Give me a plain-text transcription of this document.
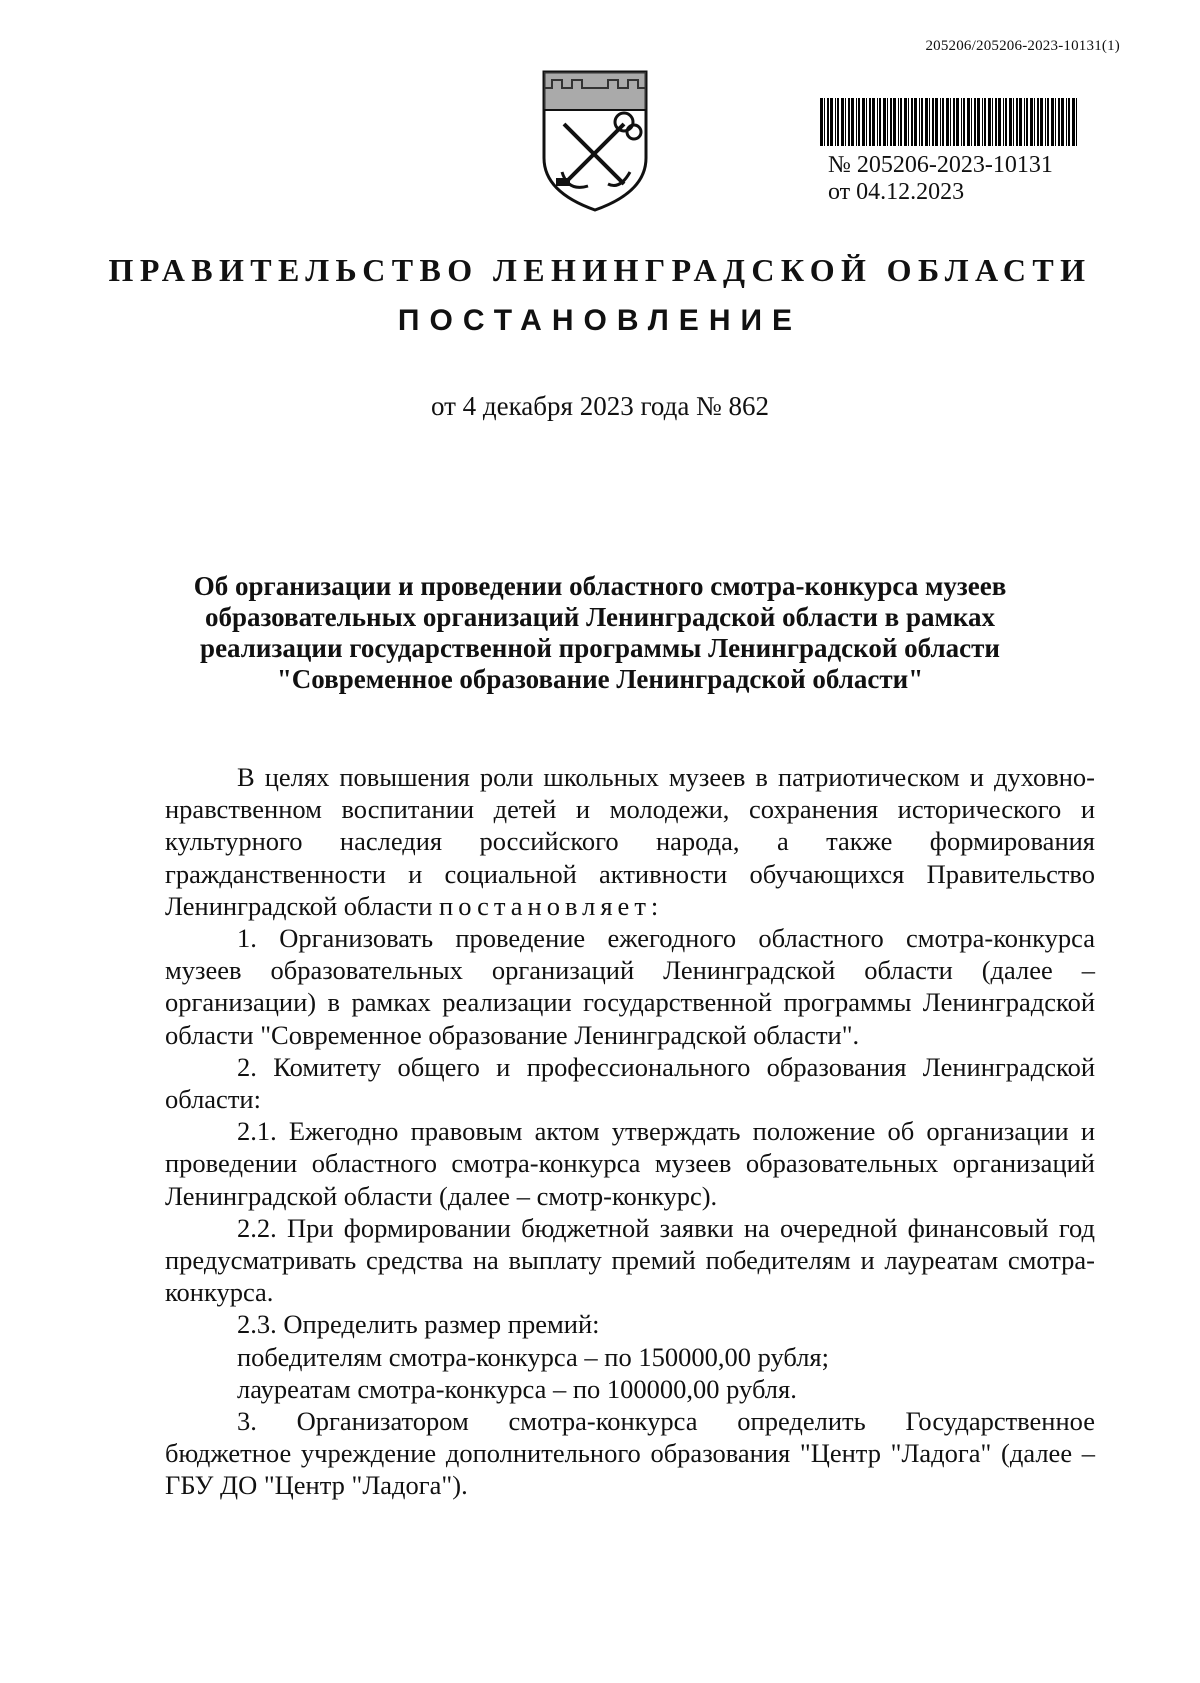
205206/205206-2023-10131(1)
№ 205206-2023-10131
от 04.12.2023
ПРАВИТЕЛЬСТВО ЛЕНИНГРАДСКОЙ ОБЛАСТИ
ПОСТАНОВЛЕНИЕ
от 4 декабря 2023 года № 862
Об организации и проведении областного смотра-конкурса музеев образовательных организаций Ленинградской области в рамках реализации государственной программы Ленинградской области "Современное образование Ленинградской области"

В целях повышения роли школьных музеев в патриотическом и духовно-нравственном воспитании детей и молодежи, сохранения исторического и культурного наследия российского народа, а также формирования гражданственности и социальной активности обучающихся Правительство Ленинградской области постановляет:

1. Организовать проведение ежегодного областного смотра-конкурса музеев образовательных организаций Ленинградской области (далее – организации) в рамках реализации государственной программы Ленинградской области "Современное образование Ленинградской области".

2. Комитету общего и профессионального образования Ленинградской области:

2.1. Ежегодно правовым актом утверждать положение об организации и проведении областного смотра-конкурса музеев образовательных организаций Ленинградской области (далее – смотр-конкурс).

2.2. При формировании бюджетной заявки на очередной финансовый год предусматривать средства на выплату премий победителям и лауреатам смотра-конкурса.

2.3. Определить размер премий:

победителям смотра-конкурса – по 150000,00 рубля;

лауреатам смотра-конкурса – по 100000,00 рубля.

3. Организатором смотра-конкурса определить Государственное бюджетное учреждение дополнительного образования "Центр "Ладога" (далее – ГБУ ДО "Центр "Ладога").
